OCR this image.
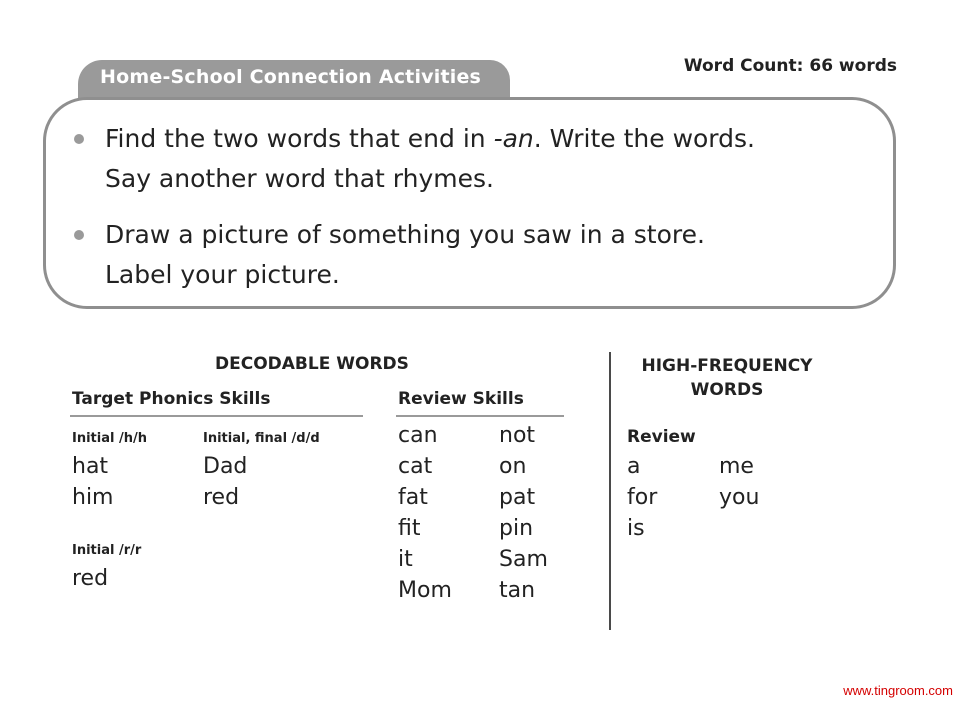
Home-School Connection Activities	Word Count: 66 words
Find the two words that end in -an. Write the words.
Say another word that rhymes.
Draw a picture of something you saw in a store.
Label your picture.
DECODABLE WORDS
Target Phonics Skills
Initial /h/h
hat
him
Initial, final /d/d
Dad
red
Initial /r/r
red
Review Skills
can
cat
fat
fit
it
Mom
not
on
pat
pin
Sam
tan
HIGH-FREQUENCY
WORDS
Review
a
for
is
me
you
www.tingroom.com
